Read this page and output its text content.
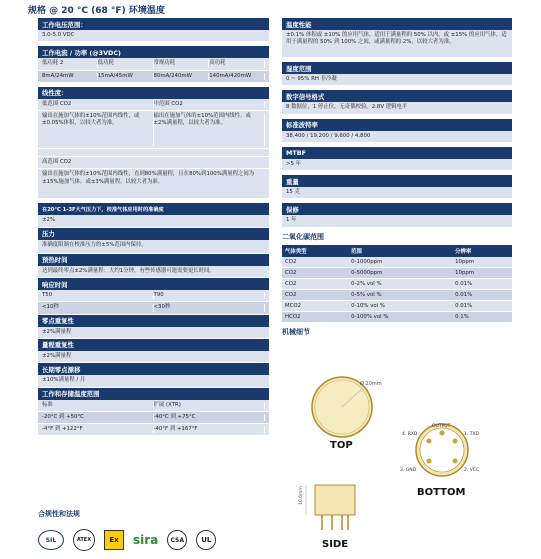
规格 @ 20 °C (68 °F) 环境温度
工作电压范围：
3.0-5.0 VDC
工作电流 / 功率 (@3VDC)
低功耗 2	低功耗	常规功耗	高功耗
8mA/24mW	15mA/45mW	80mA/240mW	140mA/420mW
线性度：
低范围 CO2	中范围 CO2
输出在施加气体的±10%范围内线性，或±0.05%体积，以较大者为准。
输出在施加气体的±10%范围内线性，或±2%满量程，以较大者为准。
高范围 CO2
输出在施加气体的±10%范围内线性，直到80%满量程，且在80%到100%满量程之间为±15%施加气体，或±3%满量程，以较大者为准。
在20°C 1-3F大气压力下，校准气体应用时的准确度
±2%
压力
准确度限制在校准压力的±5%范围内保持。
预热时间
达到最终零点±2%满量程：大约1分钟，有些传感器可能需要更长时间。
响应时间
T50	T90
<10秒	<30秒
零点重复性
±2%满量程
量程重复性
±2%满量程
长期零点漂移
±10%满量程 / 月
工作和存储温度范围
标准	扩展 (XTR)
-20°C 到 +50°C	-40°C 到 +75°C
-4°F 到 +122°F	-40°F 到 +167°F
温度性能
±0.1% 体积或 ±10% 的应用气体，适用于满量程的 50% 以内，或 ±15% 的应用气体，适用于满量程的 50% 到 100% 之间，或满量程的 2%，以较大者为准。
湿度范围
0 ~ 95% RH 非冷凝
数字信号格式
8 数据位，1 停止位，无奇偶校验。2.8V 逻辑电平
标准波特率
38,400 / 19,200 / 9,600 / 4,800
MTBF
>5 年
重量
15 克
保修
1 年
二氧化碳范围
气体类型	范围	分辨率
CO2	0-1000ppm	10ppm
CO2	0-5000ppm	10ppm
CO2	0-2% vol %	0.01%
CO2	0-5% vol %	0.01%
MCO2	0-10% vol %	0.01%
HCO2	0-100% vol %	0.1%
机械细节
Ø 20mm
TOP
OUTPUT
4. RXD	1. TXD
3. GND	2. VCC
BOTTOM
16.6mm
SIDE
合规性和法规
SIL	ATEX	Ex sira CSA UL
